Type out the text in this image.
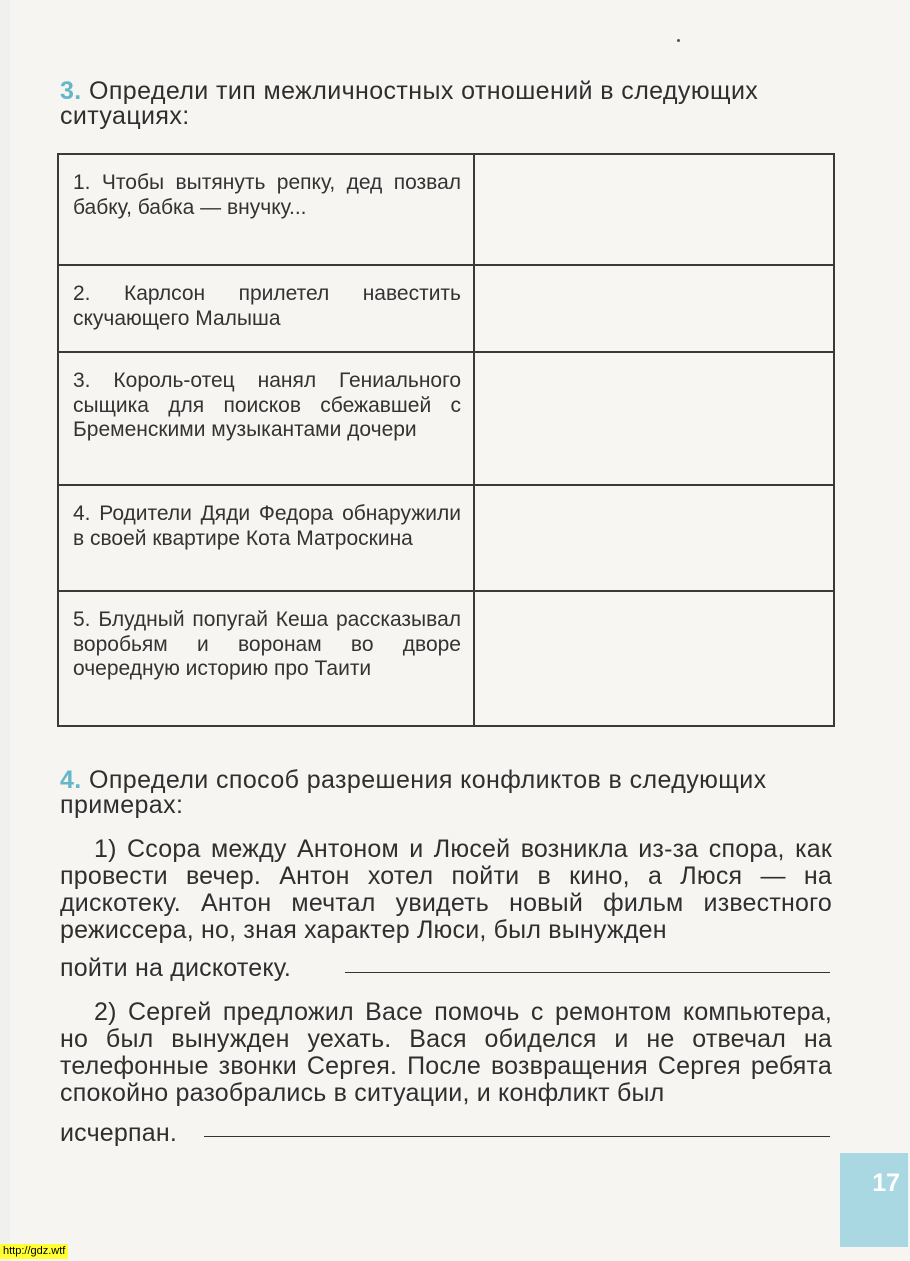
3. Определи тип межличностных отношений в следующих ситуациях:
1. Чтобы вытянуть репку, дед позвал бабку, бабка — внучку...	
2. Карлсон прилетел навестить скучающего Малыша	
3. Король-отец нанял Гениального сыщика для поисков сбежавшей с Бременскими музыкантами дочери	
4. Родители Дяди Федора обнаружили в своей квартире Кота Матроскина	
5. Блудный попугай Кеша рассказывал воробьям и воронам во дворе очередную историю про Таити	
4. Определи способ разрешения конфликтов в следующих примерах:
1) Ссора между Антоном и Люсей возникла из-за спора, как провести вечер. Антон хотел пойти в кино, а Люся — на дискотеку. Антон мечтал увидеть новый фильм известного режиссера, но, зная характер Люси, был вынужден
пойти на дискотеку.
2) Сергей предложил Васе помочь с ремонтом компьютера, но был вынужден уехать. Вася обиделся и не отвечал на телефонные звонки Сергея. После возвращения Сергея ребята спокойно разобрались в ситуации, и конфликт был
исчерпан.
17
http://gdz.wtf
